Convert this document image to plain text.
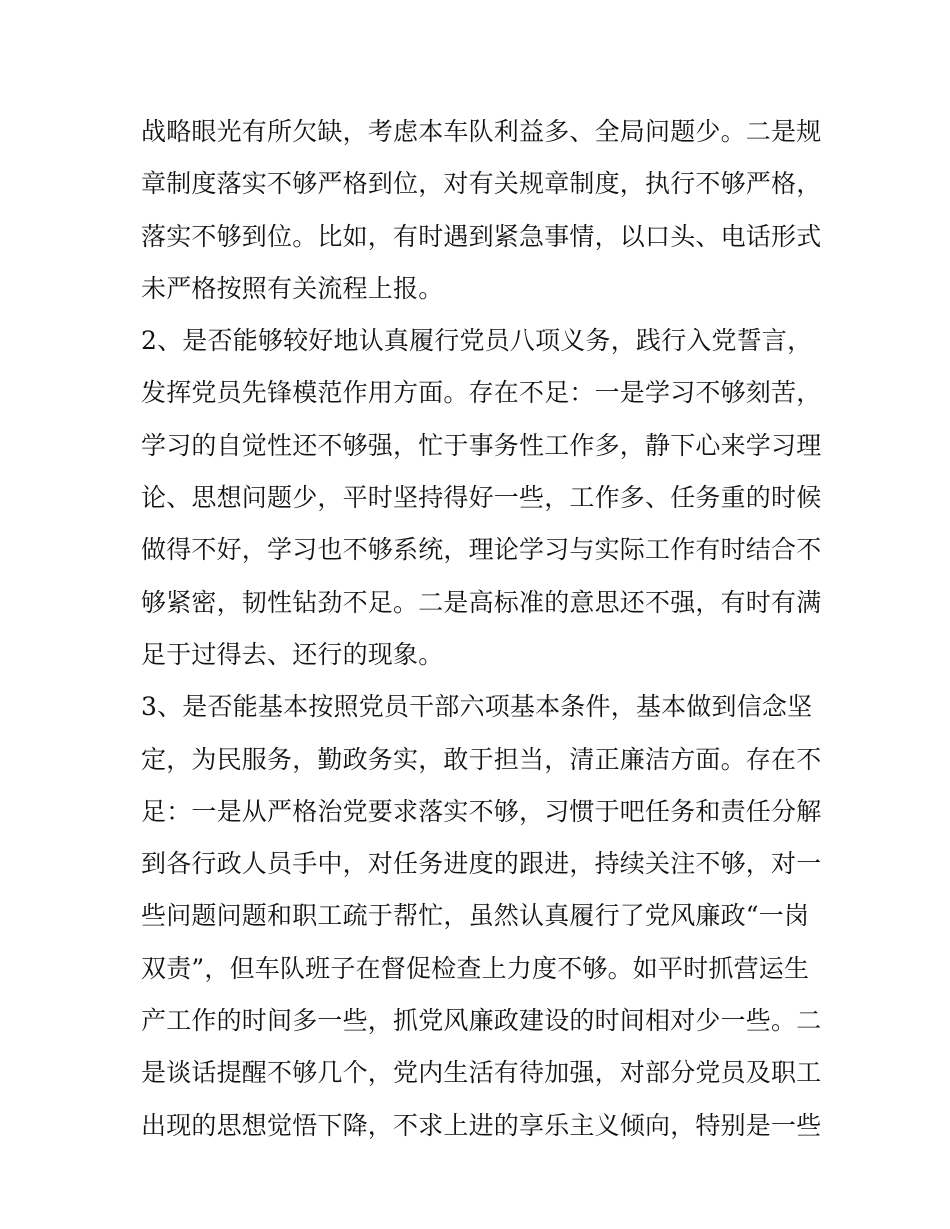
战略眼光有所欠缺，考虑本车队利益多、全局问题少。二是规
章制度落实不够严格到位，对有关规章制度，执行不够严格，
落实不够到位。比如，有时遇到紧急事情，以口头、电话形式
未严格按照有关流程上报。
2、是否能够较好地认真履行党员八项义务，践行入党誓言，
发挥党员先锋模范作用方面。存在不足：一是学习不够刻苦，
学习的自觉性还不够强，忙于事务性工作多，静下心来学习理
论、思想问题少，平时坚持得好一些，工作多、任务重的时候
做得不好，学习也不够系统，理论学习与实际工作有时结合不
够紧密，韧性钻劲不足。二是高标准的意思还不强，有时有满
足于过得去、还行的现象。
3、是否能基本按照党员干部六项基本条件，基本做到信念坚
定，为民服务，勤政务实，敢于担当，清正廉洁方面。存在不
足：一是从严格治党要求落实不够，习惯于吧任务和责任分解
到各行政人员手中，对任务进度的跟进，持续关注不够，对一
些问题问题和职工疏于帮忙，虽然认真履行了党风廉政“一岗
双责”，但车队班子在督促检查上力度不够。如平时抓营运生
产工作的时间多一些，抓党风廉政建设的时间相对少一些。二
是谈话提醒不够几个，党内生活有待加强，对部分党员及职工
出现的思想觉悟下降，不求上进的享乐主义倾向，特别是一些
